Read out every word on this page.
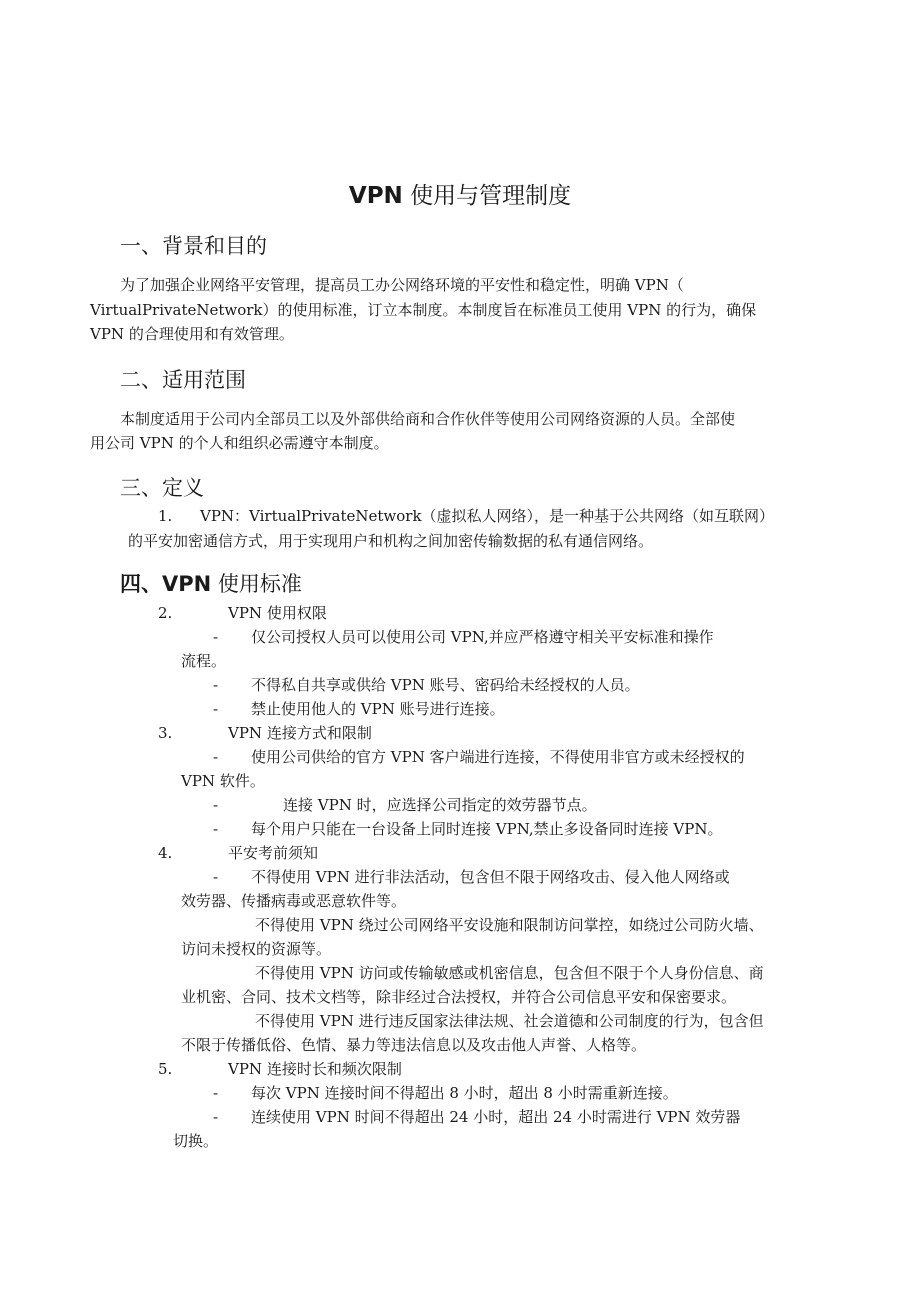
VPN 使用与管理制度
一、背景和目的
为了加强企业网络平安管理，提高员工办公网络环境的平安性和稳定性，明确 VPN（
VirtualPrivateNetwork）的使用标准，订立本制度。本制度旨在标准员工使用 VPN 的行为，确保
VPN 的合理使用和有效管理。
二、适用范围
本制度适用于公司内全部员工以及外部供给商和合作伙伴等使用公司网络资源的人员。全部使
用公司 VPN 的个人和组织必需遵守本制度。
三、定义
1. VPN：VirtualPrivateNetwork（虚拟私人网络），是一种基于公共网络（如互联网）
的平安加密通信方式，用于实现用户和机构之间加密传输数据的私有通信网络。
四、VPN 使用标准
2.	VPN 使用权限
- 仅公司授权人员可以使用公司 VPN,并应严格遵守相关平安标准和操作
流程。
- 不得私自共享或供给 VPN 账号、密码给未经授权的人员。
- 禁止使用他人的 VPN 账号进行连接。
3.	VPN 连接方式和限制
- 使用公司供给的官方 VPN 客户端进行连接，不得使用非官方或未经授权的
VPN 软件。
-	连接 VPN 时，应选择公司指定的效劳器节点。
- 每个用户只能在一台设备上同时连接 VPN,禁止多设备同时连接 VPN。
4.	平安考前须知
- 不得使用 VPN 进行非法活动，包含但不限于网络攻击、侵入他人网络或
效劳器、传播病毒或恶意软件等。
不得使用 VPN 绕过公司网络平安设施和限制访问掌控，如绕过公司防火墙、
访问未授权的资源等。
不得使用 VPN 访问或传输敏感或机密信息，包含但不限于个人身份信息、商
业机密、合同、技术文档等，除非经过合法授权，并符合公司信息平安和保密要求。
不得使用 VPN 进行违反国家法律法规、社会道德和公司制度的行为，包含但
不限于传播低俗、色情、暴力等违法信息以及攻击他人声誉、人格等。
5.	VPN 连接时长和频次限制
- 每次 VPN 连接时间不得超出 8 小时，超出 8 小时需重新连接。
- 连续使用 VPN 时间不得超出 24 小时，超出 24 小时需进行 VPN 效劳器
切换。
